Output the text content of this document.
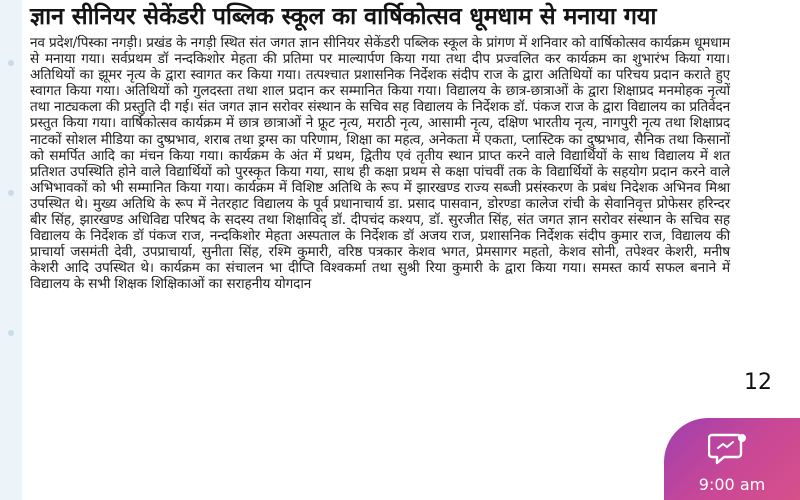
ज्ञान सीनियर सेकेंडरी पब्लिक स्कूल का वार्षिकोत्सव धूमधाम से मनाया गया

नव प्रदेश/पिस्का नगड़ी। प्रखंड के नगड़ी स्थित संत जगत ज्ञान सीनियर सेकेंडरी पब्लिक स्कूल के प्रांगण में शनिवार को वार्षिकोत्सव कार्यक्रम धूमधाम से मनाया गया। सर्वप्रथम डॉ नन्दकिशोर मेहता की प्रतिमा पर माल्यार्पण किया गया तथा दीप प्रज्वलित कर कार्यक्रम का शुभारंभ किया गया। अतिथियों का झूमर नृत्य के द्वारा स्वागत कर किया गया। तत्पश्चात प्रशासनिक निर्देशक संदीप राज के द्वारा अतिथियों का परिचय प्रदान कराते हुए स्वागत किया गया। अतिथियों को गुलदस्ता तथा शाल प्रदान कर सम्मानित किया गया। विद्यालय के छात्र-छात्राओं के द्वारा शिक्षाप्रद मनमोहक नृत्यों तथा नाट्यकला की प्रस्तुति दी गई। संत जगत ज्ञान सरोवर संस्थान के सचिव सह विद्यालय के निर्देशक डॉ. पंकज राज के द्वारा विद्यालय का प्रतिवेदन प्रस्तुत किया गया। वार्षिकोत्सव कार्यक्रम में छात्र छात्राओं ने फ्रूट नृत्य, मराठी नृत्य, आसामी नृत्य, दक्षिण भारतीय नृत्य, नागपुरी नृत्य तथा शिक्षाप्रद नाटकों सोशल मीडिया का दुष्प्रभाव, शराब तथा ड्रग्स का परिणाम, शिक्षा का महत्व, अनेकता में एकता, प्लास्टिक का दुष्प्रभाव, सैनिक तथा किसानों को समर्पित आदि का मंचन किया गया। कार्यक्रम के अंत में प्रथम, द्वितीय एवं तृतीय स्थान प्राप्त करने वाले विद्यार्थियों के साथ विद्यालय में शत प्रतिशत उपस्थिति होने वाले विद्यार्थियों को पुरस्कृत किया गया, साथ ही कक्षा प्रथम से कक्षा पांचवीं तक के विद्यार्थियों के सहयोग प्रदान करने वाले अभिभावकों को भी सम्मानित किया गया। कार्यक्रम में विशिष्ट अतिथि के रूप में झारखण्ड राज्य सब्जी प्रसंस्करण के प्रबंध निदेशक अभिनव मिश्रा उपस्थित थे। मुख्य अतिथि के रूप में नेतरहाट विद्यालय के पूर्व प्रधानाचार्य डा. प्रसाद पासवान, डोरण्डा कालेज रांची के सेवानिवृत्त प्रोफेसर हरिन्दर बीर सिंह, झारखण्ड अधिविद्य परिषद के सदस्य तथा शिक्षाविद् डॉ. दीपचंद कश्यप, डॉ. सुरजीत सिंह, संत जगत ज्ञान सरोवर संस्थान के सचिव सह विद्यालय के निर्देशक डॉ पंकज राज, नन्दकिशोर मेहता अस्पताल के निर्देशक डॉ अजय राज, प्रशासनिक निर्देशक संदीप कुमार राज, विद्यालय की प्राचार्या जसमंती देवी, उपप्राचार्या, सुनीता सिंह, रश्मि कुमारी, वरिष्ठ पत्रकार केशव भगत, प्रेमसागर महतो, केशव सोनी, तपेश्वर केशरी, मनीष केशरी आदि उपस्थित थे। कार्यक्रम का संचालन भा दीप्ति विश्वकर्मा तथा सुश्री रिया कुमारी के द्वारा किया गया। समस्त कार्य सफल बनाने में विद्यालय के सभी शिक्षक शिक्षिकाओं का सराहनीय योगदान

12
9:00 am
